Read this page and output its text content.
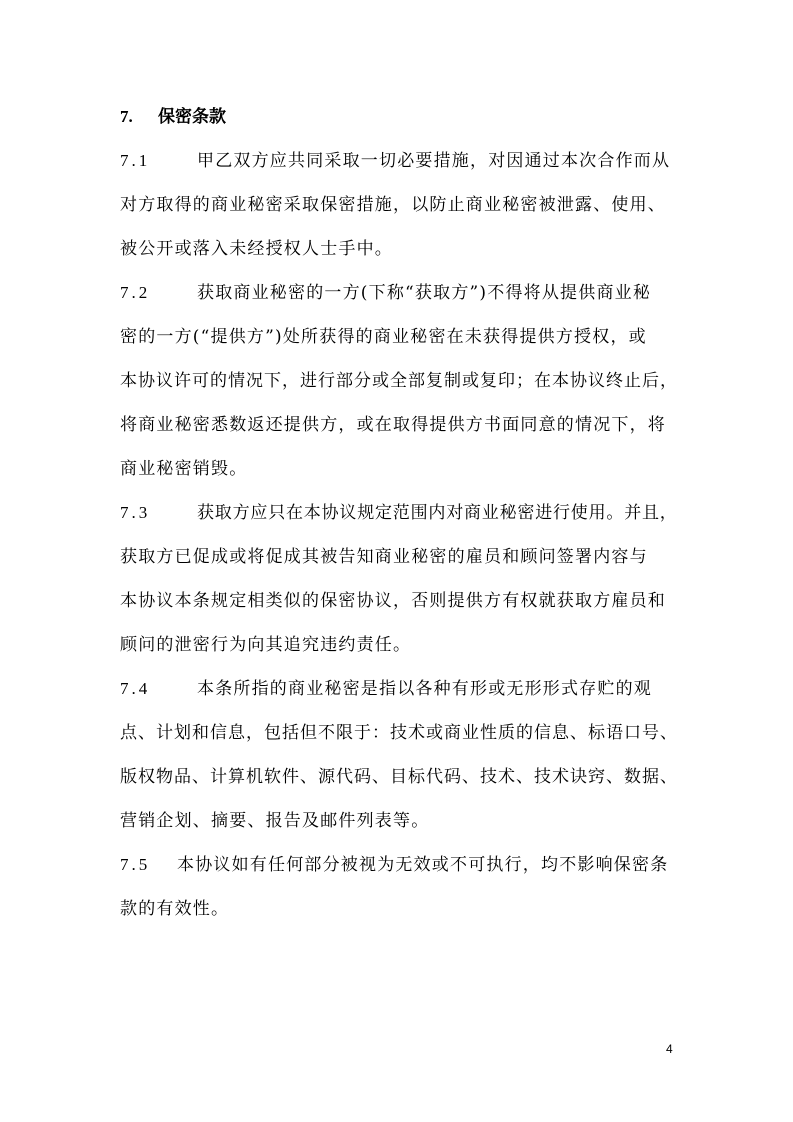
7. 保密条款
7.1	甲乙双方应共同采取一切必要措施，对因通过本次合作而从
对方取得的商业秘密采取保密措施，以防止商业秘密被泄露、使用、
被公开或落入未经授权人士手中。
7.2	获取商业秘密的一方(下称“获取方”)不得将从提供商业秘
密的一方(“提供方”)处所获得的商业秘密在未获得提供方授权，或
本协议许可的情况下，进行部分或全部复制或复印；在本协议终止后，
将商业秘密悉数返还提供方，或在取得提供方书面同意的情况下，将
商业秘密销毁。
7.3	获取方应只在本协议规定范围内对商业秘密进行使用。并且，
获取方已促成或将促成其被告知商业秘密的雇员和顾问签署内容与
本协议本条规定相类似的保密协议，否则提供方有权就获取方雇员和
顾问的泄密行为向其追究违约责任。
7.4	本条所指的商业秘密是指以各种有形或无形形式存贮的观
点、计划和信息，包括但不限于：技术或商业性质的信息、标语口号、
版权物品、计算机软件、源代码、目标代码、技术、技术诀窍、数据、
营销企划、摘要、报告及邮件列表等。
7.5 本协议如有任何部分被视为无效或不可执行，均不影响保密条
款的有效性。
4
